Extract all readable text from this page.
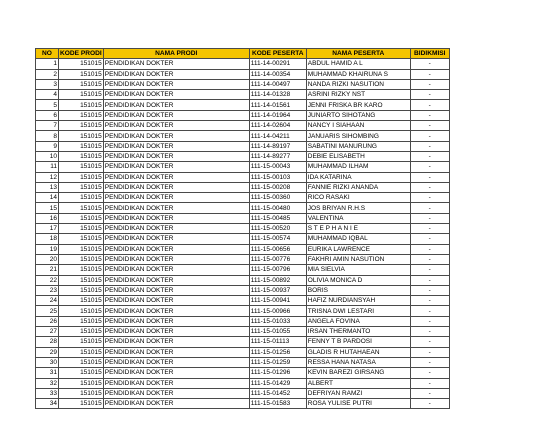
NO	KODE PRODI	NAMA PRODI	KODE PESERTA	NAMA PESERTA	BIDIKMISI
1	151015	PENDIDIKAN DOKTER	111-14-00291	ABDUL HAMID A L	-
2	151015	PENDIDIKAN DOKTER	111-14-00354	MUHAMMAD KHAIRUNA S	-
3	151015	PENDIDIKAN DOKTER	111-14-00497	NANDA RIZKI NASUTION	-
4	151015	PENDIDIKAN DOKTER	111-14-01328	ASRINI RIZKY NST	-
5	151015	PENDIDIKAN DOKTER	111-14-01561	JENNI FRISKA BR KARO	-
6	151015	PENDIDIKAN DOKTER	111-14-01964	JUNIARTO SIHOTANG	-
7	151015	PENDIDIKAN DOKTER	111-14-02604	NANCY I SIAHAAN	-
8	151015	PENDIDIKAN DOKTER	111-14-04211	JANUARIS SIHOMBING	-
9	151015	PENDIDIKAN DOKTER	111-14-89197	SABATINI MANURUNG	-
10	151015	PENDIDIKAN DOKTER	111-14-89277	DEBIE ELISABETH	-
11	151015	PENDIDIKAN DOKTER	111-15-00043	MUHAMMAD ILHAM	-
12	151015	PENDIDIKAN DOKTER	111-15-00103	IDA KATARINA	-
13	151015	PENDIDIKAN DOKTER	111-15-00208	FANNIE RIZKI ANANDA	-
14	151015	PENDIDIKAN DOKTER	111-15-00360	RICO RASAKI	-
15	151015	PENDIDIKAN DOKTER	111-15-00480	JOS BRIYAN R.H.S	-
16	151015	PENDIDIKAN DOKTER	111-15-00485	VALENTINA	-
17	151015	PENDIDIKAN DOKTER	111-15-00520	S T E P H A N I E	-
18	151015	PENDIDIKAN DOKTER	111-15-00574	MUHAMMAD IQBAL	-
19	151015	PENDIDIKAN DOKTER	111-15-00656	EURIKA LAWRENCE	-
20	151015	PENDIDIKAN DOKTER	111-15-00776	FAKHRI AMIN NASUTION	-
21	151015	PENDIDIKAN DOKTER	111-15-00796	MIA SIELVIA	-
22	151015	PENDIDIKAN DOKTER	111-15-00892	OLIVIA MONICA D	-
23	151015	PENDIDIKAN DOKTER	111-15-00937	BORIS	-
24	151015	PENDIDIKAN DOKTER	111-15-00941	HAFIZ NURDIANSYAH	-
25	151015	PENDIDIKAN DOKTER	111-15-00966	TRISNA DWI LESTARI	-
26	151015	PENDIDIKAN DOKTER	111-15-01033	ANGELA FOVINA	-
27	151015	PENDIDIKAN DOKTER	111-15-01055	IRSAN THERMANTO	-
28	151015	PENDIDIKAN DOKTER	111-15-01113	FENNY T B PARDOSI	-
29	151015	PENDIDIKAN DOKTER	111-15-01256	GLADIS R HUTAHAEAN	-
30	151015	PENDIDIKAN DOKTER	111-15-01259	RESSA HANA NATASA	-
31	151015	PENDIDIKAN DOKTER	111-15-01296	KEVIN BAREZI GIRSANG	-
32	151015	PENDIDIKAN DOKTER	111-15-01429	ALBERT	-
33	151015	PENDIDIKAN DOKTER	111-15-01452	DEFRIYAN RAMZI	-
34	151015	PENDIDIKAN DOKTER	111-15-01583	ROSA YULISE PUTRI	-
